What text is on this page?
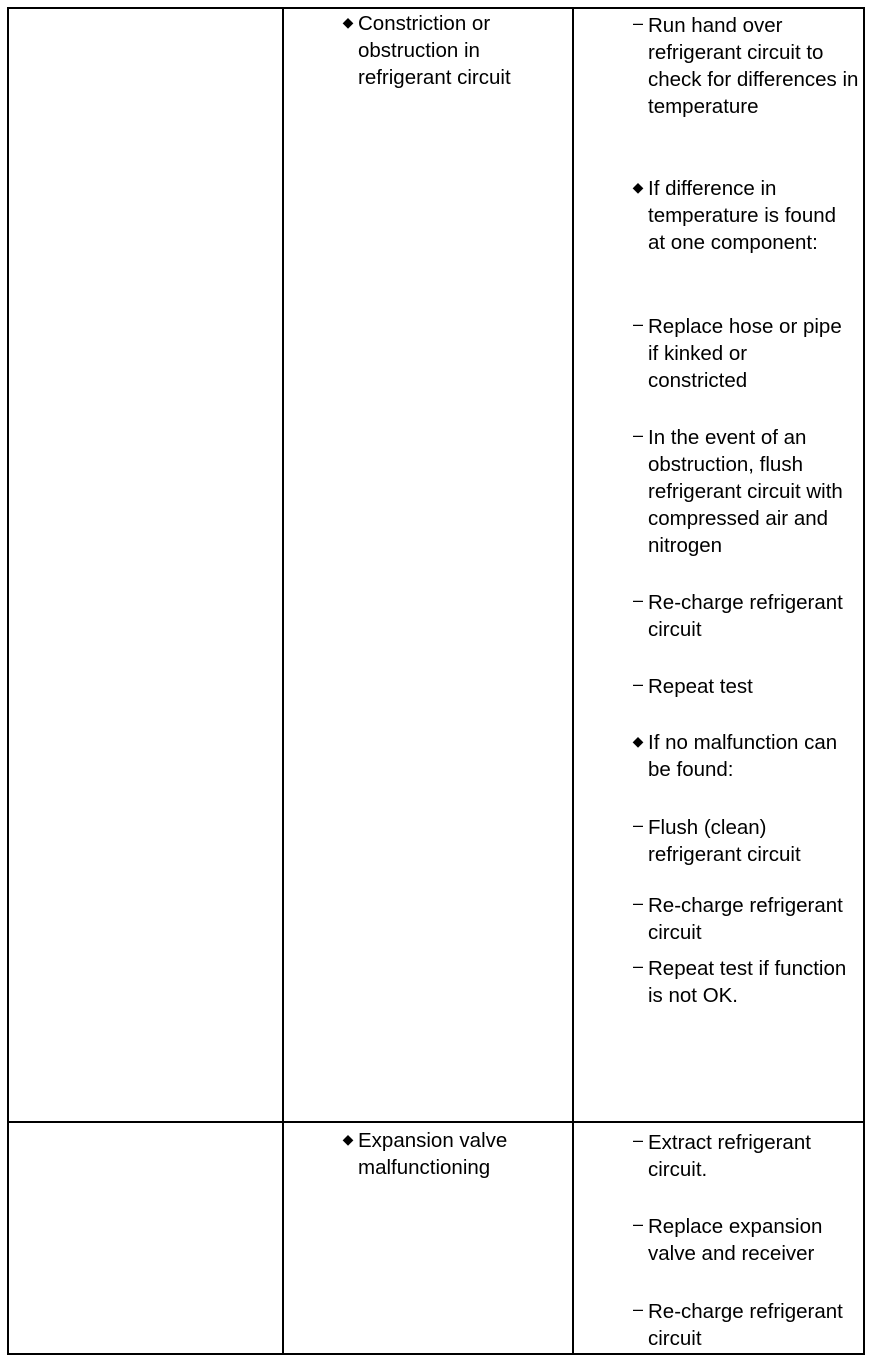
◆ Constriction or obstruction in refrigerant circuit
– Run hand over refrigerant circuit to check for differences in temperature
◆ If difference in temperature is found at one component:
– Replace hose or pipe if kinked or constricted
– In the event of an obstruction, flush refrigerant circuit with compressed air and nitrogen
– Re-charge refrigerant circuit
– Repeat test
◆ If no malfunction can be found:
– Flush (clean) refrigerant circuit
– Re-charge refrigerant circuit
– Repeat test if function is not OK.
◆ Expansion valve malfunctioning
– Extract refrigerant circuit.
– Replace expansion valve and receiver
– Re-charge refrigerant circuit
